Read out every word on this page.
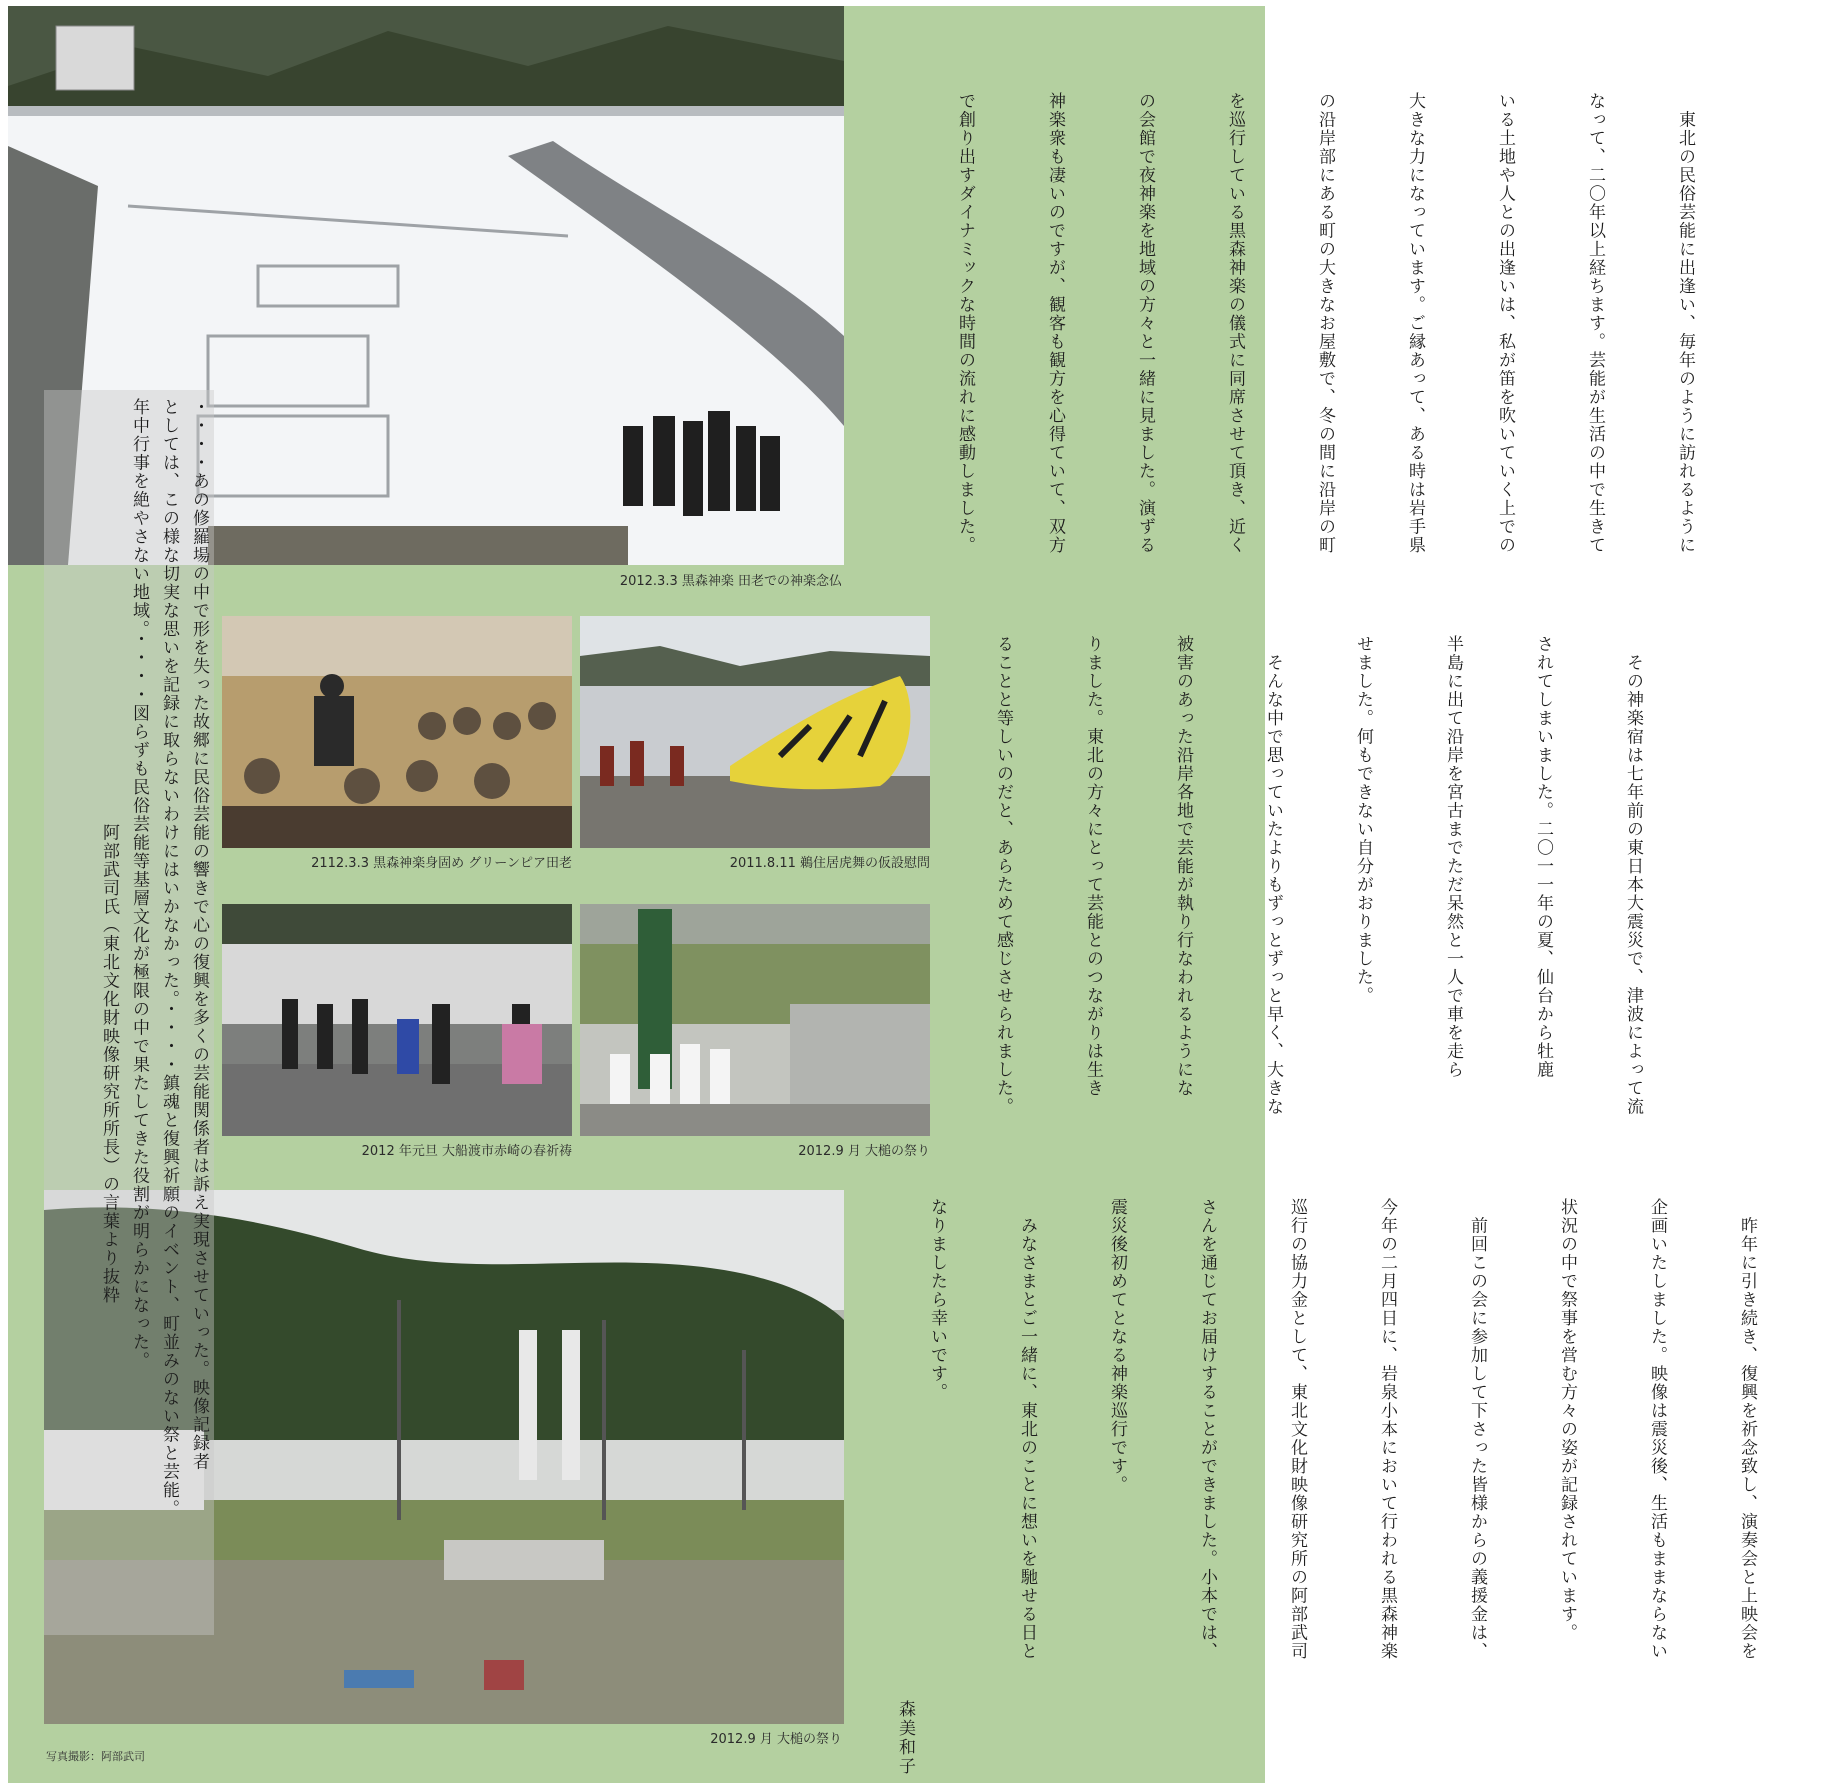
2012.3.3 黒森神楽 田老での神楽念仏
2112.3.3 黒森神楽身固め グリーンピア田老	2011.8.11 鵜住居虎舞の仮設慰問
2012 年元旦 大船渡市赤崎の春祈祷	2012.9 月 大槌の祭り
2012.9 月 大槌の祭り

　東北の民俗芸能に出逢い、毎年のように訪れるように

なって、二〇年以上経ちます。芸能が生活の中で生きて

いる土地や人との出逢いは、私が笛を吹いていく上での

大きな力になっています。ご縁あって、ある時は岩手県

の沿岸部にある町の大きなお屋敷で、冬の間に沿岸の町

を巡行している黒森神楽の儀式に同席させて頂き、近く

の会館で夜神楽を地域の方々と一緒に見ました。演ずる

神楽衆も凄いのですが、観客も観方を心得ていて、双方

で創り出すダイナミックな時間の流れに感動しました。

　その神楽宿は七年前の東日本大震災で、津波によって流

されてしまいました。二〇一一年の夏、仙台から牡鹿

半島に出て沿岸を宮古までただ呆然と一人で車を走ら

せました。何もできない自分がおりました。

　そんな中で思っていたよりもずっとずっと早く、大きな

被害のあった沿岸各地で芸能が執り行なわれるようにな

りました。東北の方々にとって芸能とのつながりは生き

ることと等しいのだと、あらためて感じさせられました。

　昨年に引き続き、復興を祈念致し、演奏会と上映会を

企画いたしました。映像は震災後、生活もままならない

状況の中で祭事を営む方々の姿が記録されています。

　前回この会に参加して下さった皆様からの義援金は、

今年の二月四日に、岩泉小本において行われる黒森神楽

巡行の協力金として、東北文化財映像研究所の阿部武司

さんを通じてお届けすることができました。小本では、

震災後初めてとなる神楽巡行です。

　みなさまとご一緒に、東北のことに想いを馳せる日と

なりましたら幸いです。

森美和子

・・・・あの修羅場の中で形を失った故郷に民俗芸能の響きで心の復興を多くの芸能関係者は訴え実現させていった。映像記録者

としては、この様な切実な思いを記録に取らないわけにはいかなかった。・・・・鎮魂と復興祈願のイベント、町並みのない祭と芸能。

年中行事を絶やさない地域。・・・・図らずも民俗芸能等基層文化が極限の中で果たしてきた役割が明らかになった。

　　　　　　　　　　　　　　　　　　　　　　　阿部武司氏（東北文化財映像研究所所長）の言葉より抜粋

写真撮影：阿部武司
